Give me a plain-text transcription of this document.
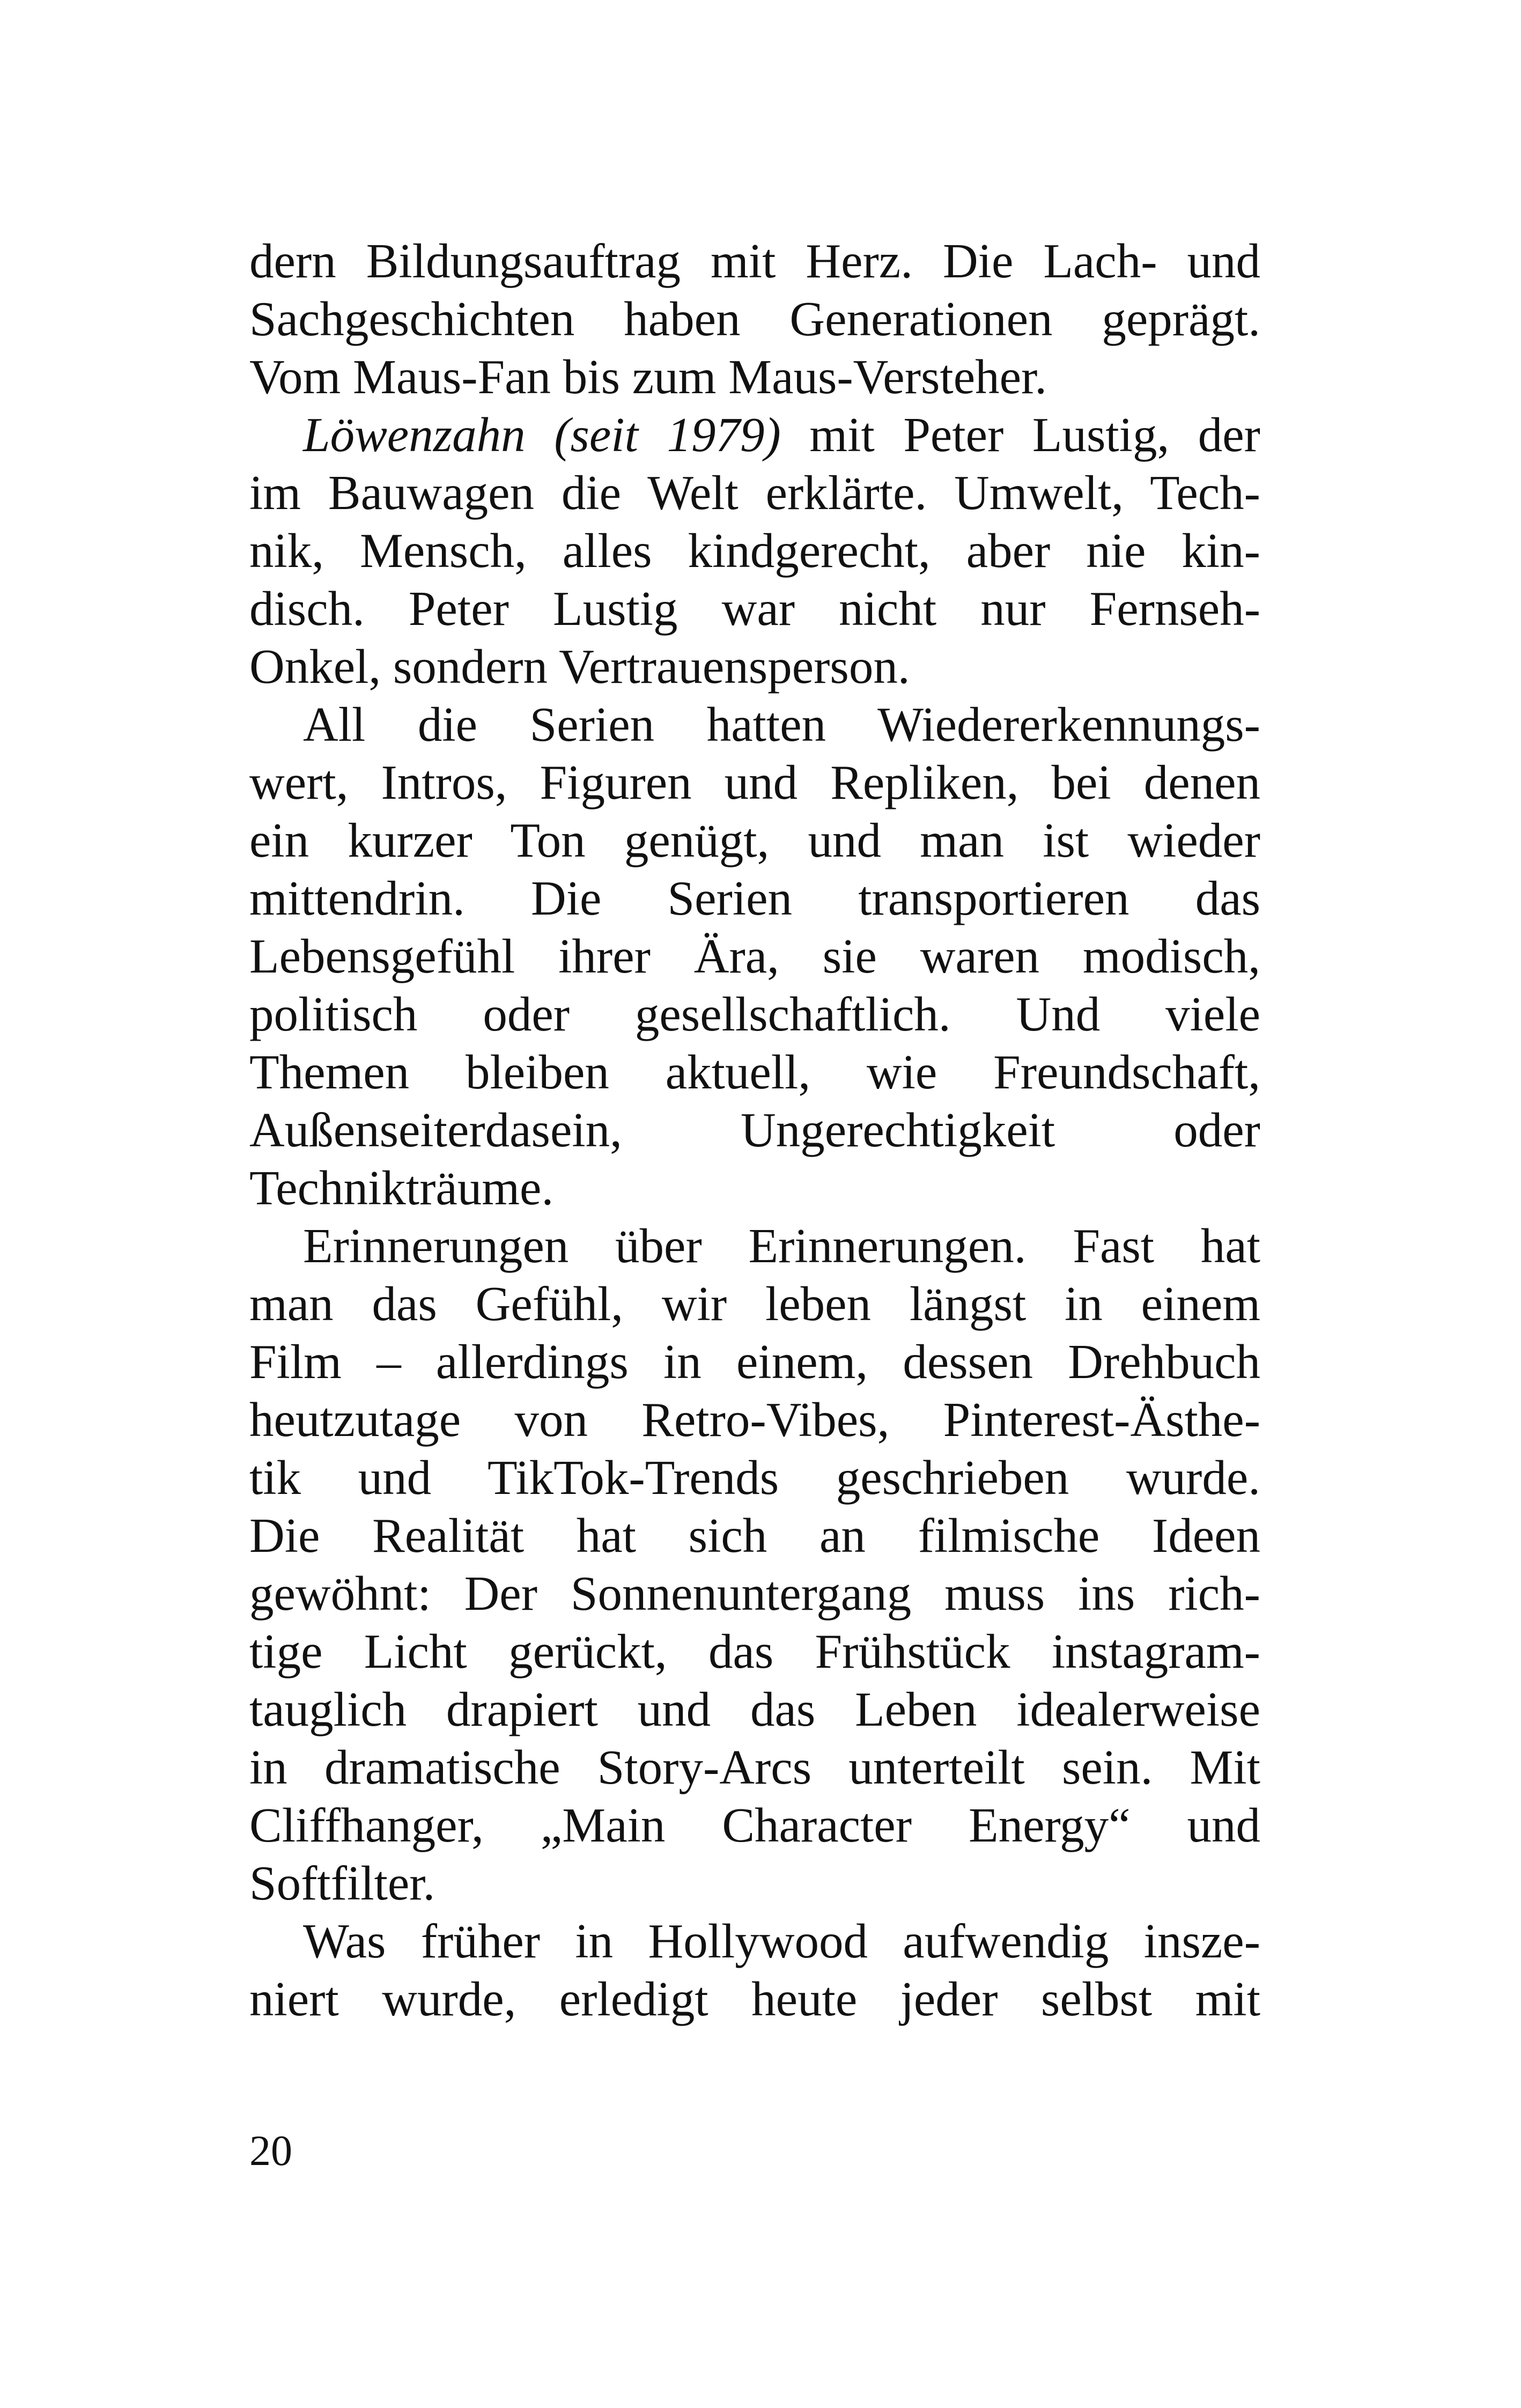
dern Bildungsauftrag mit Herz. Die Lach- und
Sachgeschichten haben Generationen geprägt.
Vom Maus-Fan bis zum Maus-Versteher.
Löwenzahn (seit 1979) mit Peter Lustig, der
im Bauwagen die Welt erklärte. Umwelt, Tech-
nik, Mensch, alles kindgerecht, aber nie kin-
disch. Peter Lustig war nicht nur Fernseh-
Onkel, sondern Vertrauensperson.
All die Serien hatten Wiedererkennungs-
wert, Intros, Figuren und Repliken, bei denen
ein kurzer Ton genügt, und man ist wieder
mittendrin. Die Serien transportieren das
Lebensgefühl ihrer Ära, sie waren modisch,
politisch oder gesellschaftlich. Und viele
Themen bleiben aktuell, wie Freundschaft,
Außenseiterdasein, Ungerechtigkeit oder
Technikträume.
Erinnerungen über Erinnerungen. Fast hat
man das Gefühl, wir leben längst in einem
Film – allerdings in einem, dessen Drehbuch
heutzutage von Retro-Vibes, Pinterest-Ästhe-
tik und TikTok-Trends geschrieben wurde.
Die Realität hat sich an filmische Ideen
gewöhnt: Der Sonnenuntergang muss ins rich-
tige Licht gerückt, das Frühstück instagram-
tauglich drapiert und das Leben idealerweise
in dramatische Story-Arcs unterteilt sein. Mit
Cliffhanger, „Main Character Energy“ und
Softfilter.
Was früher in Hollywood aufwendig insze-
niert wurde, erledigt heute jeder selbst mit
20
